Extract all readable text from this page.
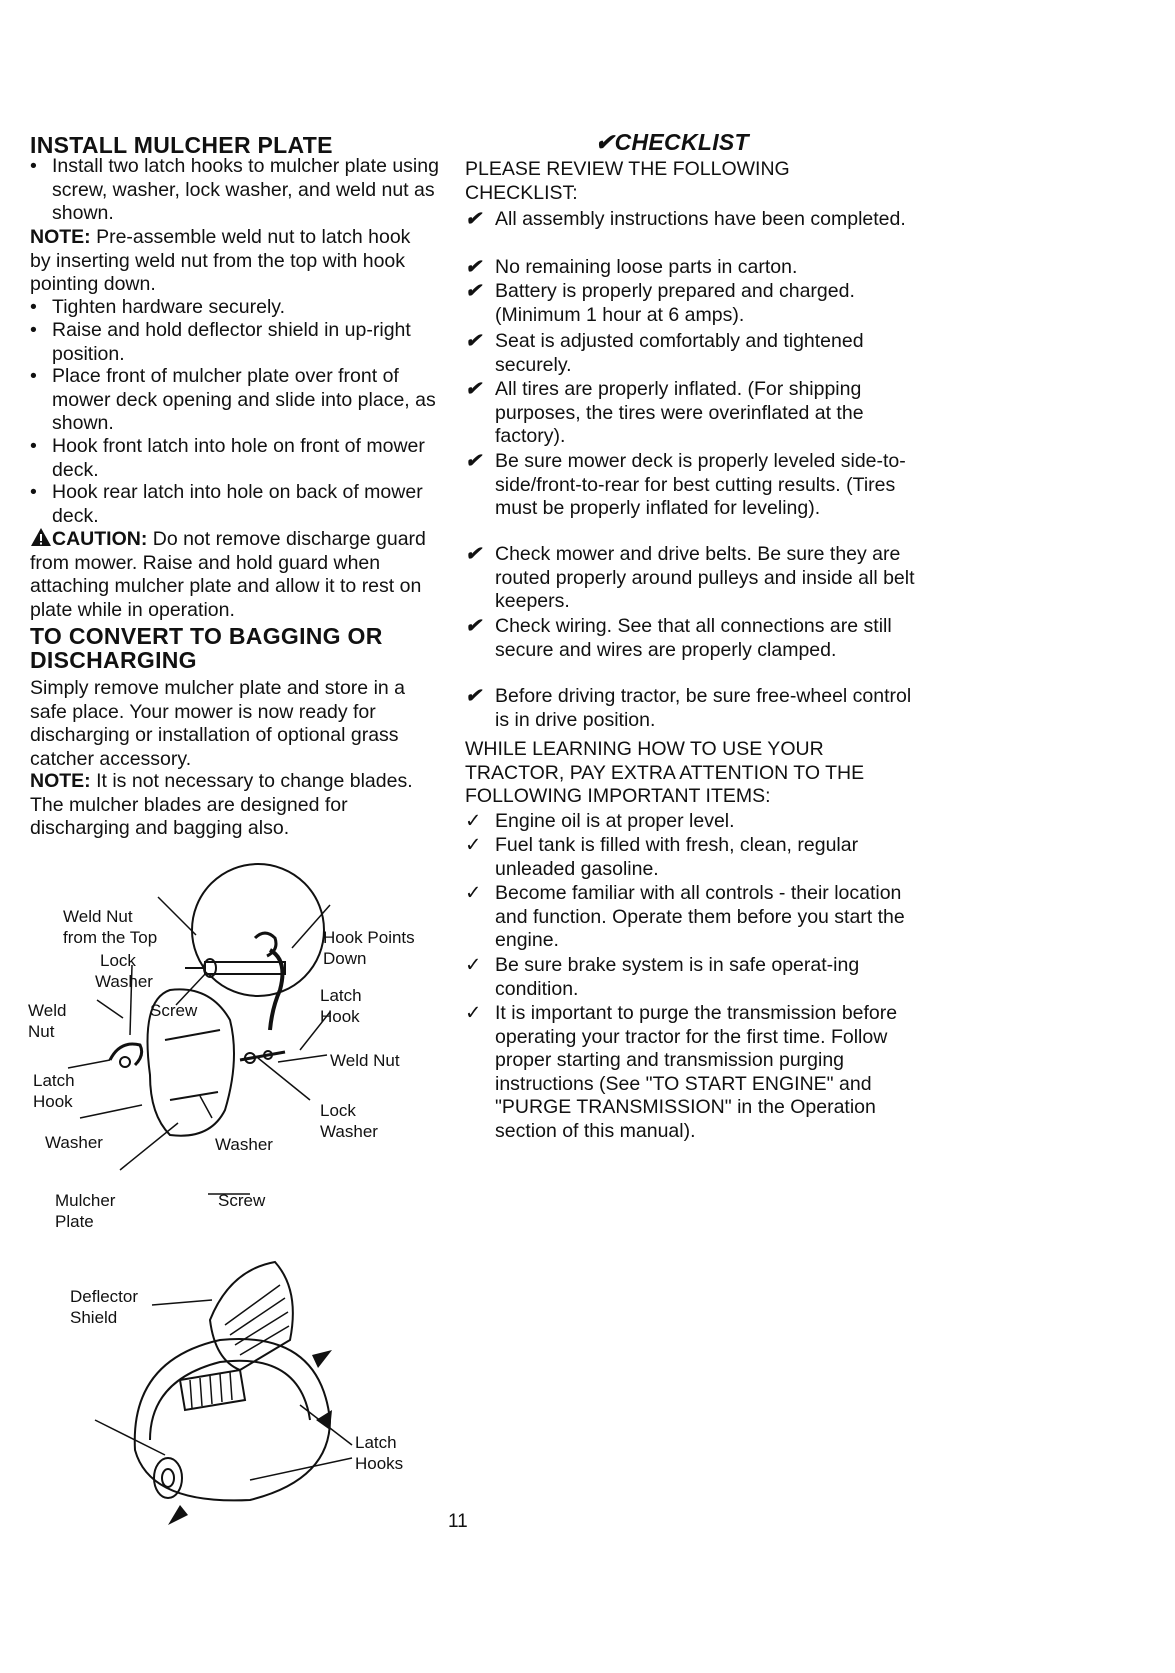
INSTALL MULCHER PLATE
• Install two latch hooks to mulcher plate using screw, washer, lock washer, and weld nut as shown.
NOTE: Pre-assemble weld nut to latch hook by inserting weld nut from the top with hook pointing down.
• Tighten hardware securely.
• Raise and hold deflector shield in up-right position.
• Place front of mulcher plate over front of mower deck opening and slide into place, as shown.
• Hook front latch into hole on front of mower deck.
• Hook rear latch into hole on back of mower deck.
CAUTION: Do not remove discharge guard from mower. Raise and hold guard when attaching mulcher plate and allow it to rest on plate while in operation.
TO CONVERT TO BAGGING OR DISCHARGING
Simply remove mulcher plate and store in a safe place. Your mower is now ready for discharging or installation of optional grass catcher accessory.
NOTE: It is not necessary to change blades. The mulcher blades are designed for discharging and bagging also.
Weld Nut
from the Top
Lock
Washer
Weld
Nut
Screw
Hook Points
Down
Latch
Hook
Weld Nut
Latch
Hook	Lock
Washer
Washer	Washer
Mulcher
Plate
Screw
Deflector
Shield
Latch
Hooks
✔CHECKLIST
PLEASE REVIEW THE FOLLOWING CHECKLIST:
✔ All assembly instructions have been completed.
✔ No remaining loose parts in carton.
✔ Battery is properly prepared and charged. (Minimum 1 hour at 6 amps).
✔ Seat is adjusted comfortably and tightened securely.
✔ All tires are properly inflated. (For shipping purposes, the tires were overinflated at the factory).
✔ Be sure mower deck is properly leveled side-to-side/front-to-rear for best cutting results. (Tires must be properly inflated for leveling).
✔ Check mower and drive belts. Be sure they are routed properly around pulleys and inside all belt keepers.
✔ Check wiring. See that all connections are still secure and wires are properly clamped.
✔ Before driving tractor, be sure free-wheel control is in drive position.
WHILE LEARNING HOW TO USE YOUR TRACTOR, PAY EXTRA ATTENTION TO THE FOLLOWING IMPORTANT ITEMS:
✓ Engine oil is at proper level.
✓ Fuel tank is filled with fresh, clean, regular unleaded gasoline.
✓ Become familiar with all controls - their location and function. Operate them before you start the engine.
✓ Be sure brake system is in safe operat-ing condition.
✓ It is important to purge the transmission before operating your tractor for the first time. Follow proper starting and transmission purging instructions (See "TO START ENGINE" and "PURGE TRANSMISSION" in the Operation section of this manual).
11
